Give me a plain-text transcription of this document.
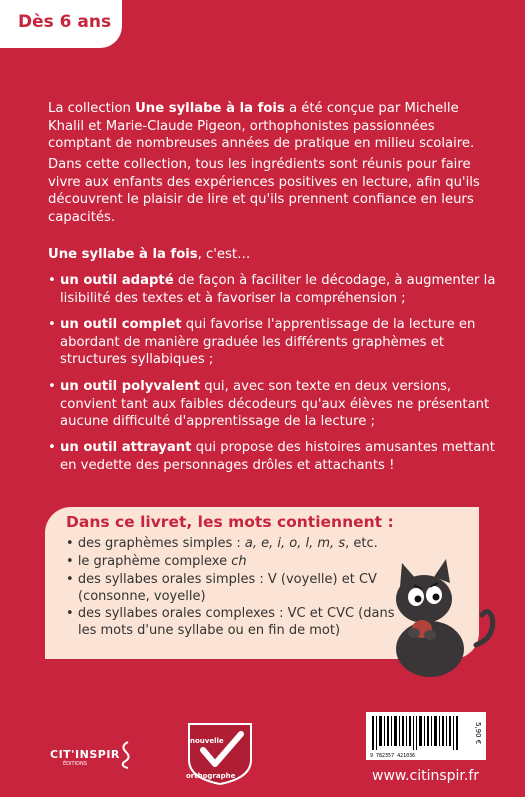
Dès 6 ans
La collection Une syllabe à la fois a été conçue par Michelle Khalil et Marie-Claude Pigeon, orthophonistes passionnées comptant de nombreuses années de pratique en milieu scolaire.
Dans cette collection, tous les ingrédients sont réunis pour faire vivre aux enfants des expériences positives en lecture, afin qu'ils découvrent le plaisir de lire et qu'ils prennent confiance en leurs capacités.
Une syllabe à la fois, c'est…
• un outil adapté de façon à faciliter le décodage, à augmenter la lisibilité des textes et à favoriser la compréhension ;
• un outil complet qui favorise l'apprentissage de la lecture en abordant de manière graduée les différents graphèmes et structures syllabiques ;
• un outil polyvalent qui, avec son texte en deux versions, convient tant aux faibles décodeurs qu'aux élèves ne présentant aucune difficulté d'apprentissage de la lecture ;
• un outil attrayant qui propose des histoires amusantes mettant en vedette des personnages drôles et attachants !
Dans ce livret, les mots contiennent :
• des graphèmes simples : a, e, i, o, l, m, s, etc.
• le graphème complexe ch
• des syllabes orales simples : V (voyelle) et CV (consonne, voyelle)
• des syllabes orales complexes : VC et CVC (dans les mots d'une syllabe ou en fin de mot)
9 782357 421036
5,90 €
CIT'INSPIR
ÉDITIONS
nouvelle
orthographe	www.citinspir.fr
